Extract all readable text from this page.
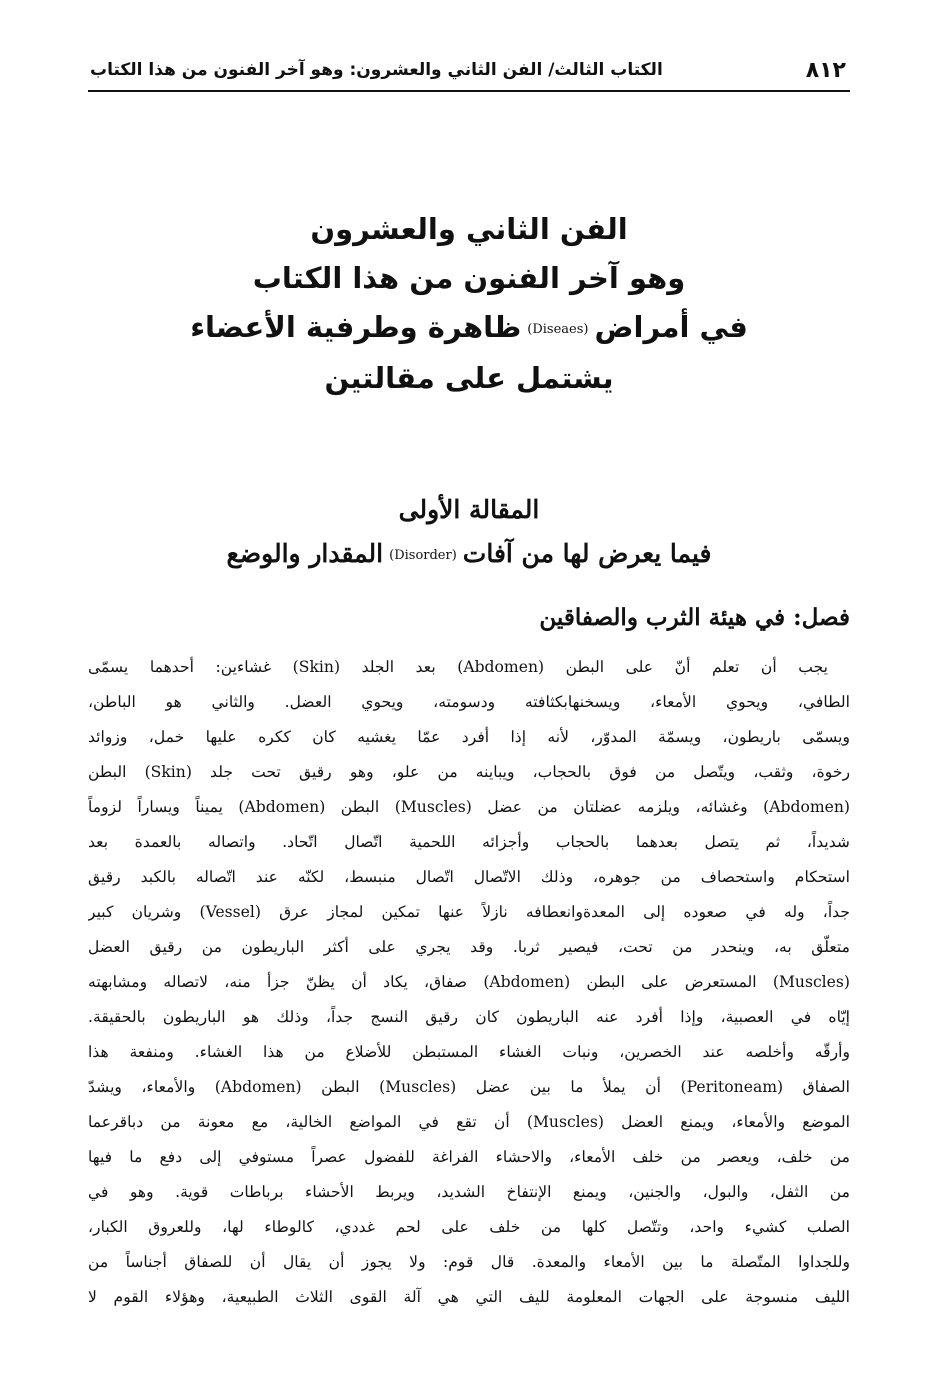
٨١٢
الكتاب الثالث/ الفن الثاني والعشرون: وهو آخر الفنون من هذا الكتاب
الفن الثاني والعشرون
وهو آخر الفنون من هذا الكتاب
في أمراض(Diseaes)ظاهرة وطرفية الأعضاء
يشتمل على مقالتين
المقالة الأولى
فيما يعرض لها من آفات(Disorder)المقدار والوضع
فصل: في هيئة الثرب والصفاقين
يجب أن تعلم أنّ على البطن (Abdomen) بعد الجلد (Skin) غشاءين: أحدهما يسمّى
الطافي، ويحوي الأمعاء، ويسخنهابكثافته ودسومته، ويحوي العضل. والثاني هو الباطن،
ويسمّى باريطون، ويسمّة المدوّر، لأنه إذا أفرد عمّا يغشيه كان ككره عليها خمل، وزوائد
رخوة، وثقب، ويتّصل من فوق بالحجاب، ويباينه من علو، وهو رقيق تحت جلد (Skin) البطن
(Abdomen) وغشائه، ويلزمه عضلتان من عضل (Muscles) البطن (Abdomen) يميناً ويساراً لزوماً
شديداً، ثم يتصل بعدهما بالحجاب وأجزائه اللحمية اتّصال اتّحاد. واتصاله بالعمدة بعد
استحكام واستحصاف من جوهره، وذلك الاتّصال اتّصال منبسط، لكنّه عند اتّصاله بالكبد رقيق
جداً، وله في صعوده إلى المعدةوانعطافه نازلاً عنها تمكين لمجاز عرق (Vessel) وشريان كبير
متعلّق به، وينحدر من تحت، فيصير ثربا. وقد يجري على أكثر الباريطون من رقيق العضل
(Muscles) المستعرض على البطن (Abdomen) صفاق، يكاد أن يظنّ جزأ منه، لاتصاله ومشابهته
إيّاه في العصبية، وإذا أفرد عنه الباريطون كان رقيق النسج جداً، وذلك هو الباريطون بالحقيقة.
وأرقّه وأخلصه عند الخصرين، ونبات الغشاء المستبطن للأضلاع من هذا الغشاء. ومنفعة هذا
الصفاق (Peritoneam) أن يملأ ما بين عضل (Muscles) البطن (Abdomen) والأمعاء، ويشدّ
الموضع والأمعاء، ويمنع العضل (Muscles) أن تقع في المواضع الخالية، مع معونة من دباقرعما
من خلف، ويعصر من خلف الأمعاء، والاحشاء الفراغة للفضول عصراً مستوفي إلى دفع ما فيها
من الثفل، والبول، والجنين، ويمنع الإنتفاخ الشديد، ويربط الأحشاء برباطات قوية. وهو في
الصلب كشيء واحد، وتتّصل كلها من خلف على لحم غددي، كالوطاء لها، وللعروق الكبار،
وللجداوا المتّصلة ما بين الأمعاء والمعدة. قال قوم: ولا يجوز أن يقال أن للصفاق أجناساً من
الليف منسوجة على الجهات المعلومة لليف التي هي آلة القوى الثلاث الطبيعية، وهؤلاء القوم لا
